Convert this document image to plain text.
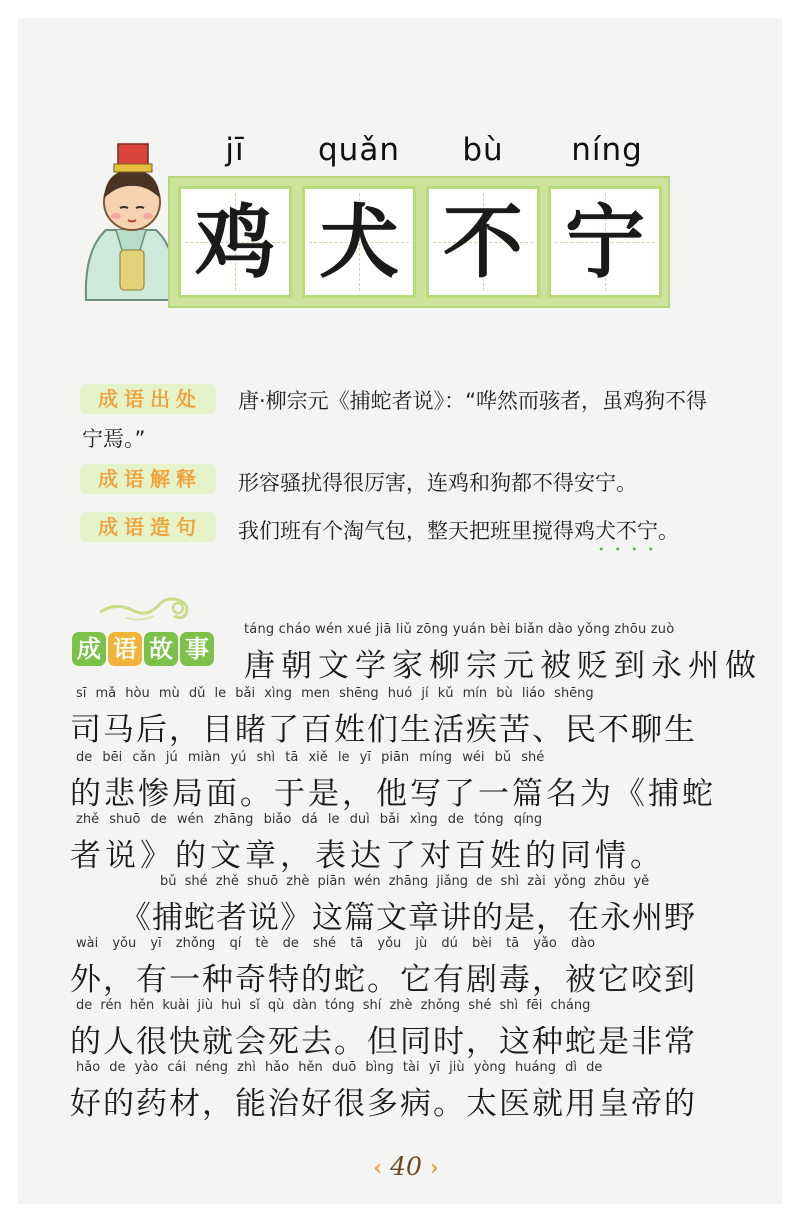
jī	quǎn	bù	níng
鸡 犬 不 宁
成语出处	唐·柳宗元《捕蛇者说》：“哗然而骇者，虽鸡狗不得
宁焉。”
成语解释	形容骚扰得很厉害，连鸡和狗都不得安宁。
成语造句	我们班有个淘气包，整天把班里搅得鸡犬不宁。
••••
成 语 故 事
táng cháo wén xué jiā liǔ zōng yuán bèi biǎn dào yǒng zhōu zuò
唐朝文学家柳宗元被贬到永州做
sī mǎ hòu mù dǔ le bǎi xìng men shēng huó jí kǔ mín bù liáo shēng
司马后，目睹了百姓们生活疾苦、民不聊生
de bēi cǎn jú miàn yú shì tā xiě le yī piān míng wéi bǔ shé
的悲惨局面。于是，他写了一篇名为《捕蛇
zhě shuō de wén zhāng biǎo dá le duì bǎi xìng de tóng qíng
者说》的文章，表达了对百姓的同情。
bǔ shé zhě shuō zhè piān wén zhāng jiǎng de shì zài yǒng zhōu yě
《捕蛇者说》这篇文章讲的是，在永州野
wài yǒu yī zhǒng qí tè de shé tā yǒu jù dú bèi tā yǎo dào
外，有一种奇特的蛇。它有剧毒，被它咬到
de rén hěn kuài jiù huì sǐ qù dàn tóng shí zhè zhǒng shé shì fēi cháng
的人很快就会死去。但同时，这种蛇是非常
hǎo de yào cái néng zhì hǎo hěn duō bìng tài yī jiù yòng huáng dì de
好的药材，能治好很多病。太医就用皇帝的
‹ 40 ›
